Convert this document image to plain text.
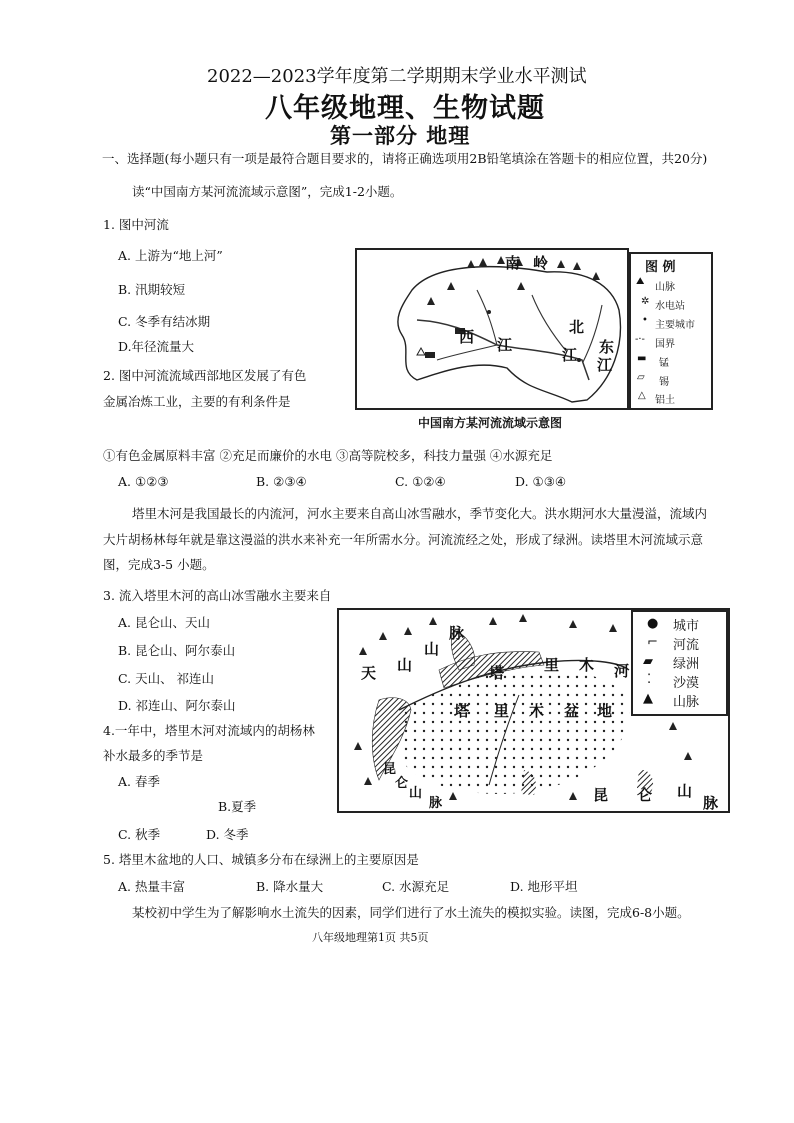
2022—2023学年度第二学期期末学业水平测试
八年级地理、生物试题
第一部分 地理
一、选择题(每小题只有一项是最符合题目要求的，请将正确选项用2B铅笔填涂在答题卡的相应位置，共20分)
读“中国南方某河流流域示意图”，完成1-2小题。
1. 图中河流
A. 上游为“地上河”
B. 汛期较短
C. 冬季有结冰期
D.年径流量大
2. 图中河流流域西部地区发展了有色
金属冶炼工业，主要的有利条件是
南 岭
西 江
北
江 东
江
图 例
⛰
山脉
✲ 水电站
• 主要城市
-·- 国界
▬ 锰
▱ 锡
△ 铝土
中国南方某河流流域示意图
①有色金属原料丰富 ②充足而廉价的水电 ③高等院校多，科技力量强 ④水源充足
A. ①②③	B. ②③④	C. ①②④	D. ①③④
塔里木河是我国最长的内流河，河水主要来自高山冰雪融水，季节变化大。洪水期河水大量漫溢，流域内
大片胡杨林每年就是靠这漫溢的洪水来补充一年所需水分。河流流经之处，形成了绿洲。读塔里木河流域示意
图，完成3-5 小题。
3. 流入塔里木河的高山冰雪融水主要来自
A. 昆仑山、天山
B. 昆仑山、阿尔泰山
C. 天山、 祁连山
D. 祁连山、阿尔泰山
天 山
脉
山
塔	里 木 河
塔 里 木 盆 地
昆
仑
山
脉	昆 仑 山
脉
● 城市
⌐ 河流
▰ 绿洲
⁚ 沙漠
▲ 山脉
4.一年中，塔里木河对流域内的胡杨林
补水最多的季节是
A. 春季
B.夏季
C. 秋季	D. 冬季
5. 塔里木盆地的人口、城镇多分布在绿洲上的主要原因是
A. 热量丰富	B. 降水量大	C. 水源充足	D. 地形平坦
某校初中学生为了解影响水土流失的因素，同学们进行了水土流失的模拟实验。读图，完成6-8小题。
八年级地理第1页 共5页
